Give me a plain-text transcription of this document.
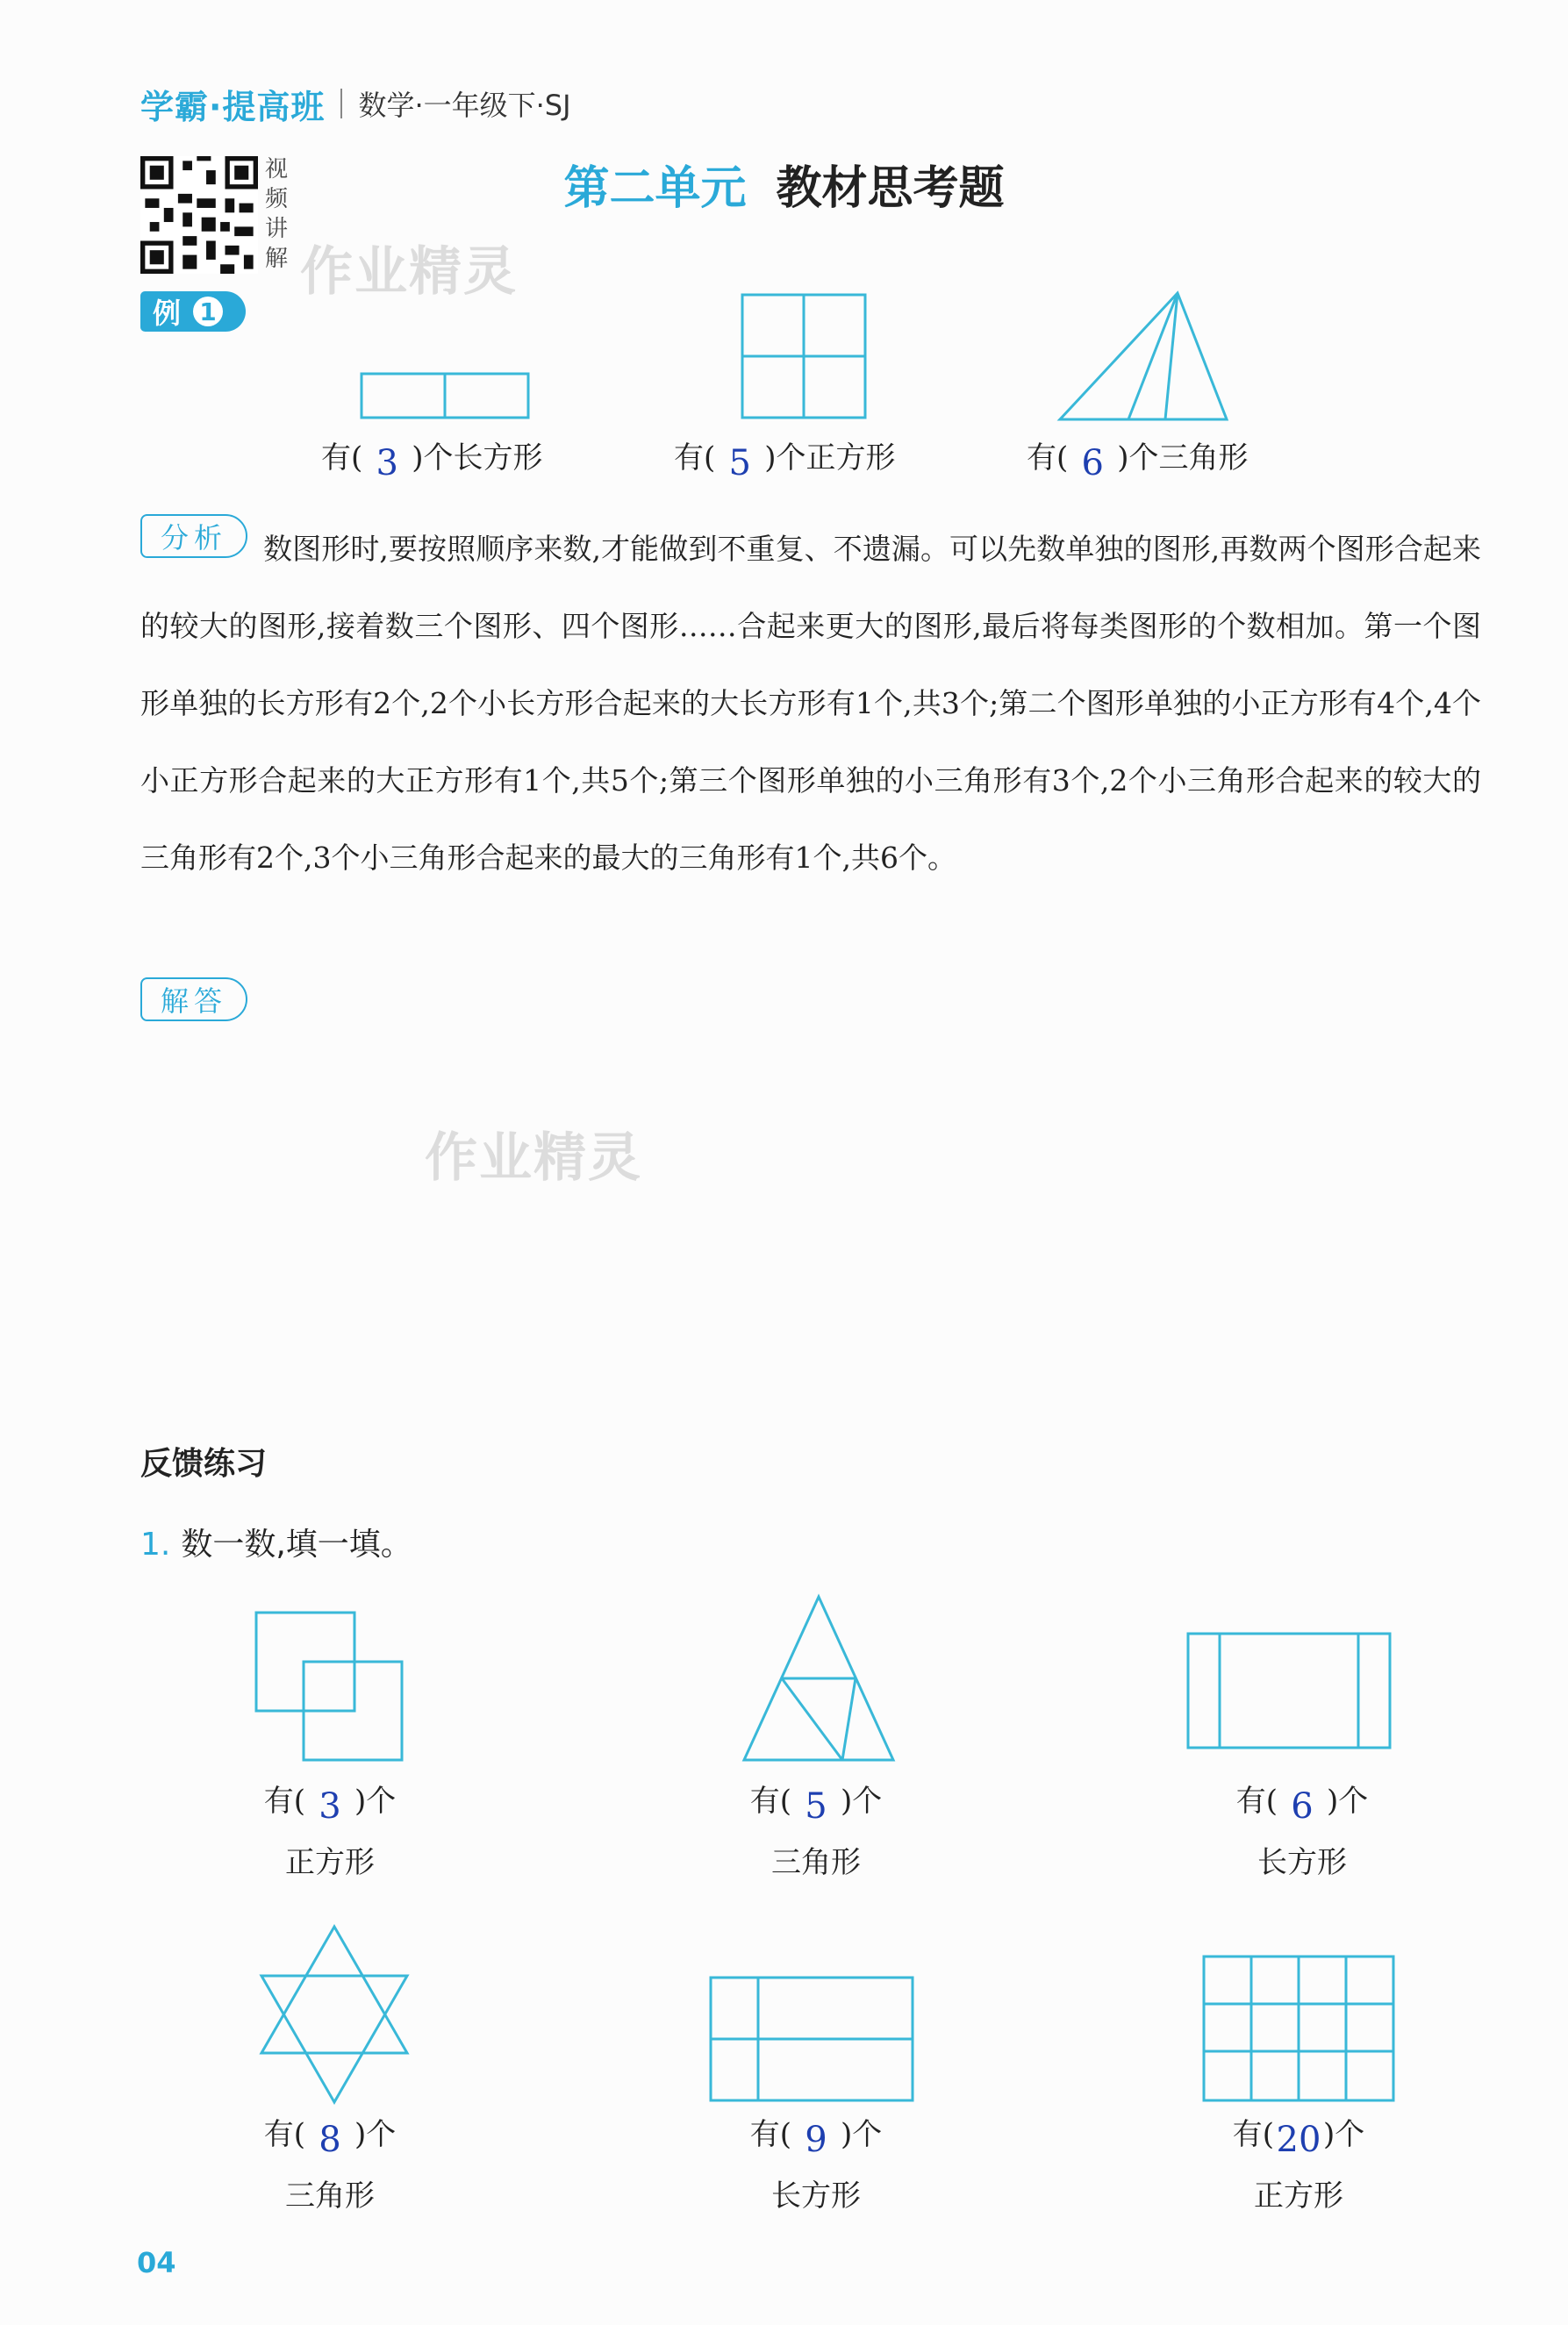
学霸·提高班 数学·一年级下·SJ
视
频
讲
解
第二单元 教材思考题
作业精灵
作业精灵
例 1
有( 3 )个长方形	有( 5 )个正方形	有( 6 )个三角形
分析	数图形时,要按照顺序来数,才能做到不重复、不遗漏。可以先数单独的图形,再数两个图形合起来的较大的图形,接着数三个图形、四个图形……合起来更大的图形,最后将每类图形的个数相加。第一个图形单独的长方形有2个,2个小长方形合起来的大长方形有1个,共3个;第二个图形单独的小正方形有4个,4个小正方形合起来的大正方形有1个,共5个;第三个图形单独的小三角形有3个,2个小三角形合起来的较大的三角形有2个,3个小三角形合起来的最大的三角形有1个,共6个。
解答
反馈练习
1. 数一数,填一填。
有( 3 )个
正方形
有( 5 )个
三角形
有( 6 )个
长方形
有( 8 )个
三角形
有( 9 )个
长方形
有(20)个
正方形
04
